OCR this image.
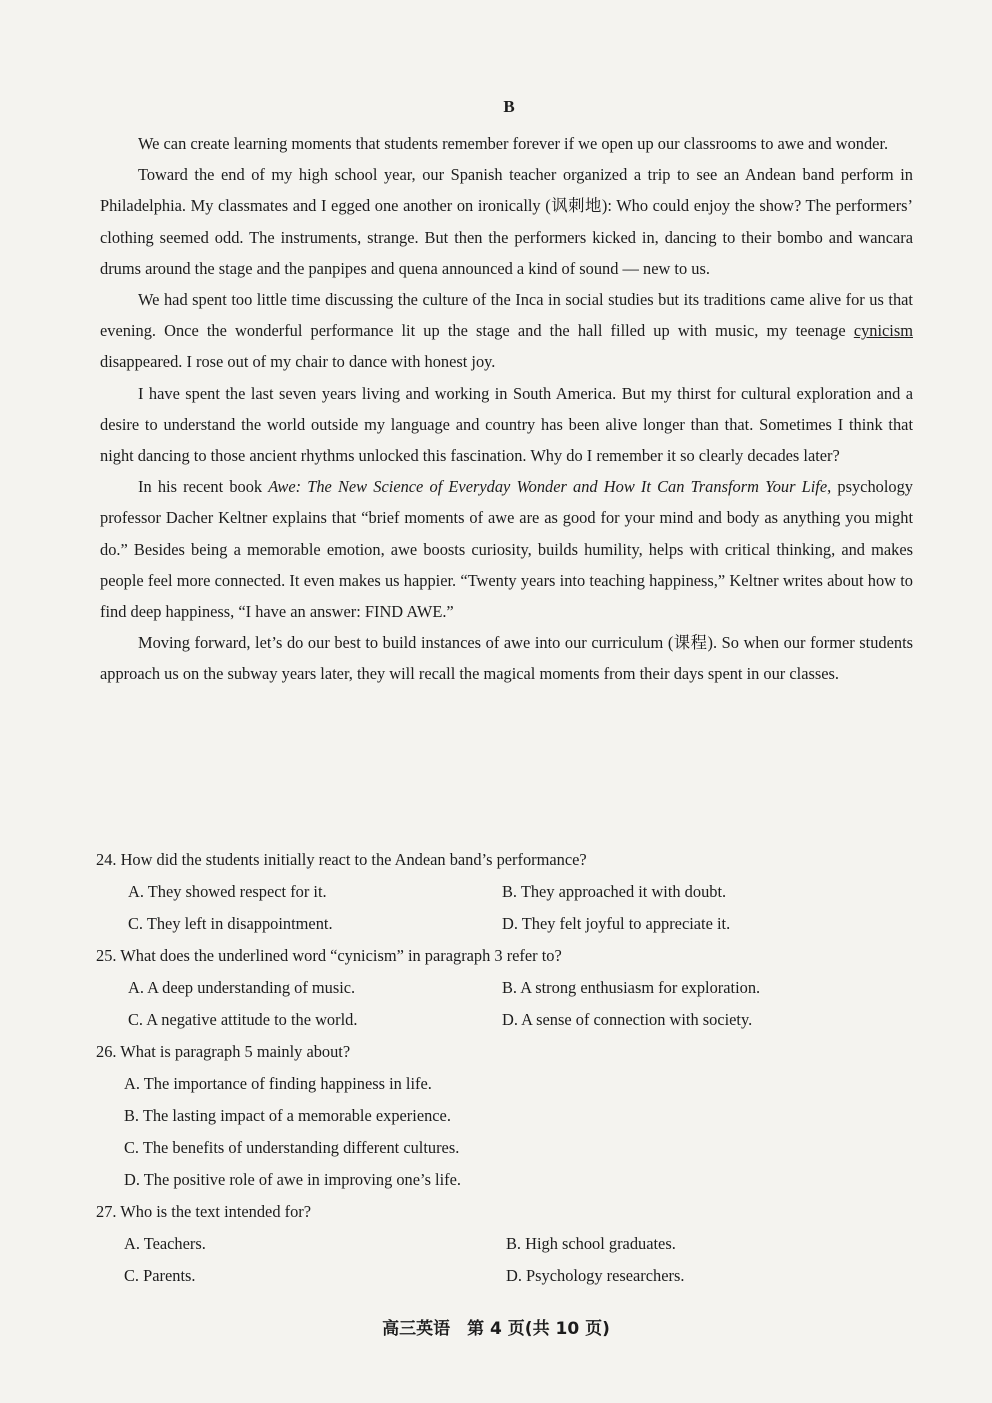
B

We can create learning moments that students remember forever if we open up our classrooms to awe and wonder.

Toward the end of my high school year, our Spanish teacher organized a trip to see an Andean band perform in Philadelphia. My classmates and I egged one another on ironically (讽刺地): Who could enjoy the show? The performers’ clothing seemed odd. The instruments, strange. But then the performers kicked in, dancing to their bombo and wancara drums around the stage and the panpipes and quena announced a kind of sound — new to us.

We had spent too little time discussing the culture of the Inca in social studies but its traditions came alive for us that evening. Once the wonderful performance lit up the stage and the hall filled up with music, my teenage cynicism disappeared. I rose out of my chair to dance with honest joy.

I have spent the last seven years living and working in South America. But my thirst for cultural exploration and a desire to understand the world outside my language and country has been alive longer than that. Sometimes I think that night dancing to those ancient rhythms unlocked this fascination. Why do I remember it so clearly decades later?

In his recent book Awe: The New Science of Everyday Wonder and How It Can Transform Your Life, psychology professor Dacher Keltner explains that “brief moments of awe are as good for your mind and body as anything you might do.” Besides being a memorable emotion, awe boosts curiosity, builds humility, helps with critical thinking, and makes people feel more connected. It even makes us happier. “Twenty years into teaching happiness,” Keltner writes about how to find deep happiness, “I have an answer: FIND AWE.”

Moving forward, let’s do our best to build instances of awe into our curriculum (课程). So when our former students approach us on the subway years later, they will recall the magical moments from their days spent in our classes.

24. How did the students initially react to the Andean band’s performance?
A. They showed respect for it.	B. They approached it with doubt.
C. They left in disappointment.	D. They felt joyful to appreciate it.
25. What does the underlined word “cynicism” in paragraph 3 refer to?
A. A deep understanding of music.	B. A strong enthusiasm for exploration.
C. A negative attitude to the world.	D. A sense of connection with society.
26. What is paragraph 5 mainly about?
A. The importance of finding happiness in life.
B. The lasting impact of a memorable experience.
C. The benefits of understanding different cultures.
D. The positive role of awe in improving one’s life.
27. Who is the text intended for?
A. Teachers.	B. High school graduates.
C. Parents.	D. Psychology researchers.
高三英语　第 4 页(共 10 页)
